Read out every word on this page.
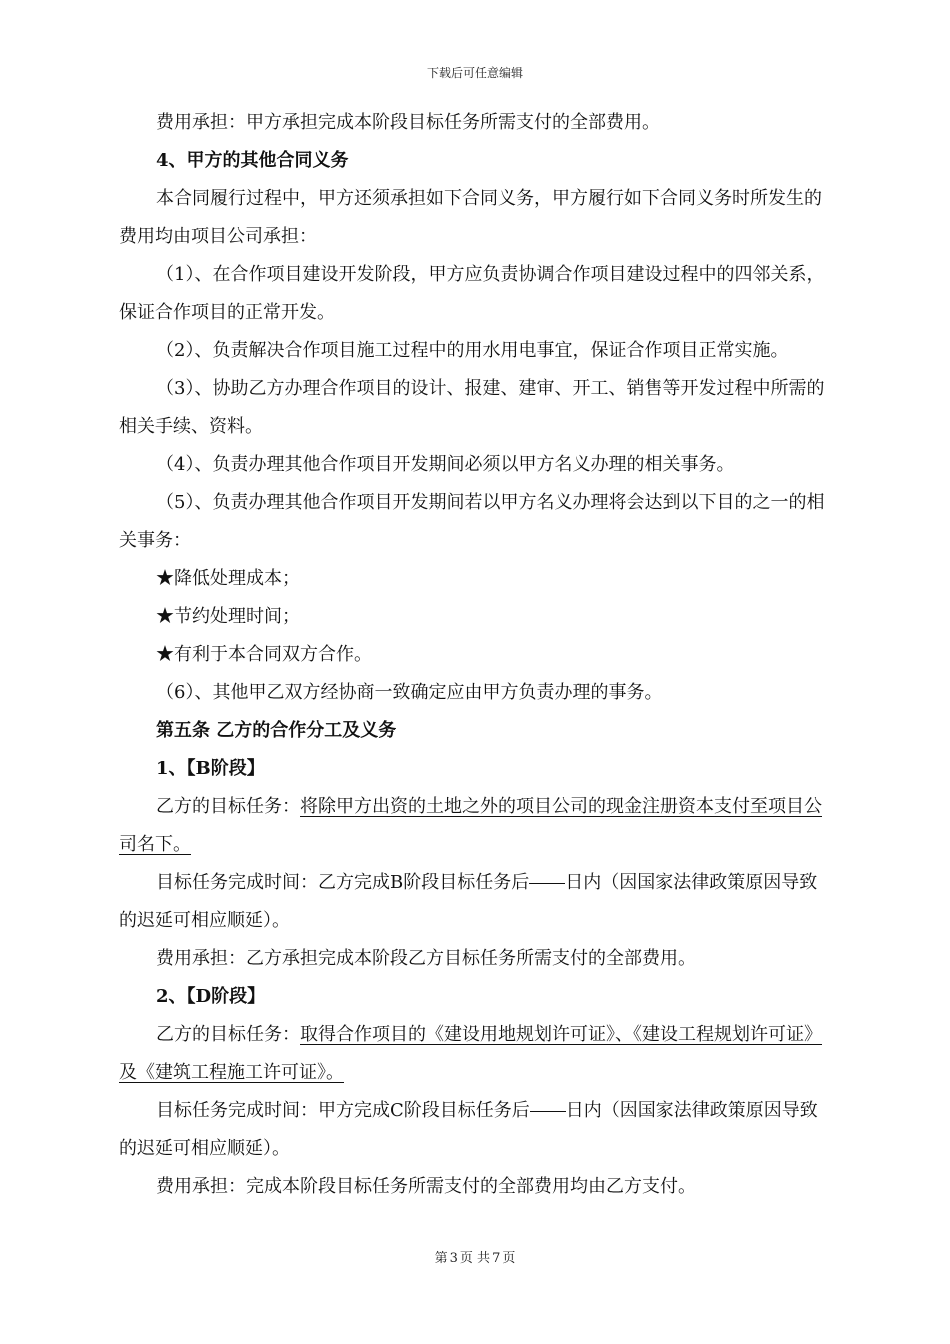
下载后可任意编辑

费用承担：甲方承担完成本阶段目标任务所需支付的全部费用。

4、甲方的其他合同义务

本合同履行过程中，甲方还须承担如下合同义务，甲方履行如下合同义务时所发生的费用均由项目公司承担：

（1）、在合作项目建设开发阶段，甲方应负责协调合作项目建设过程中的四邻关系，保证合作项目的正常开发。

（2）、负责解决合作项目施工过程中的用水用电事宜，保证合作项目正常实施。

（3）、协助乙方办理合作项目的设计、报建、建审、开工、销售等开发过程中所需的相关手续、资料。

（4）、负责办理其他合作项目开发期间必须以甲方名义办理的相关事务。

（5）、负责办理其他合作项目开发期间若以甲方名义办理将会达到以下目的之一的相关事务：

★降低处理成本；

★节约处理时间；

★有利于本合同双方合作。

（6）、其他甲乙双方经协商一致确定应由甲方负责办理的事务。

第五条 乙方的合作分工及义务

1、【B阶段】

乙方的目标任务：将除甲方出资的土地之外的项目公司的现金注册资本支付至项目公司名下。

目标任务完成时间：乙方完成B阶段目标任务后 日内（因国家法律政策原因导致的迟延可相应顺延）。

费用承担：乙方承担完成本阶段乙方目标任务所需支付的全部费用。

2、【D阶段】

乙方的目标任务：取得合作项目的《建设用地规划许可证》、《建设工程规划许可证》及《建筑工程施工许可证》。

目标任务完成时间：甲方完成C阶段目标任务后 日内（因国家法律政策原因导致的迟延可相应顺延）。

费用承担：完成本阶段目标任务所需支付的全部费用均由乙方支付。

第 3 页 共 7 页
